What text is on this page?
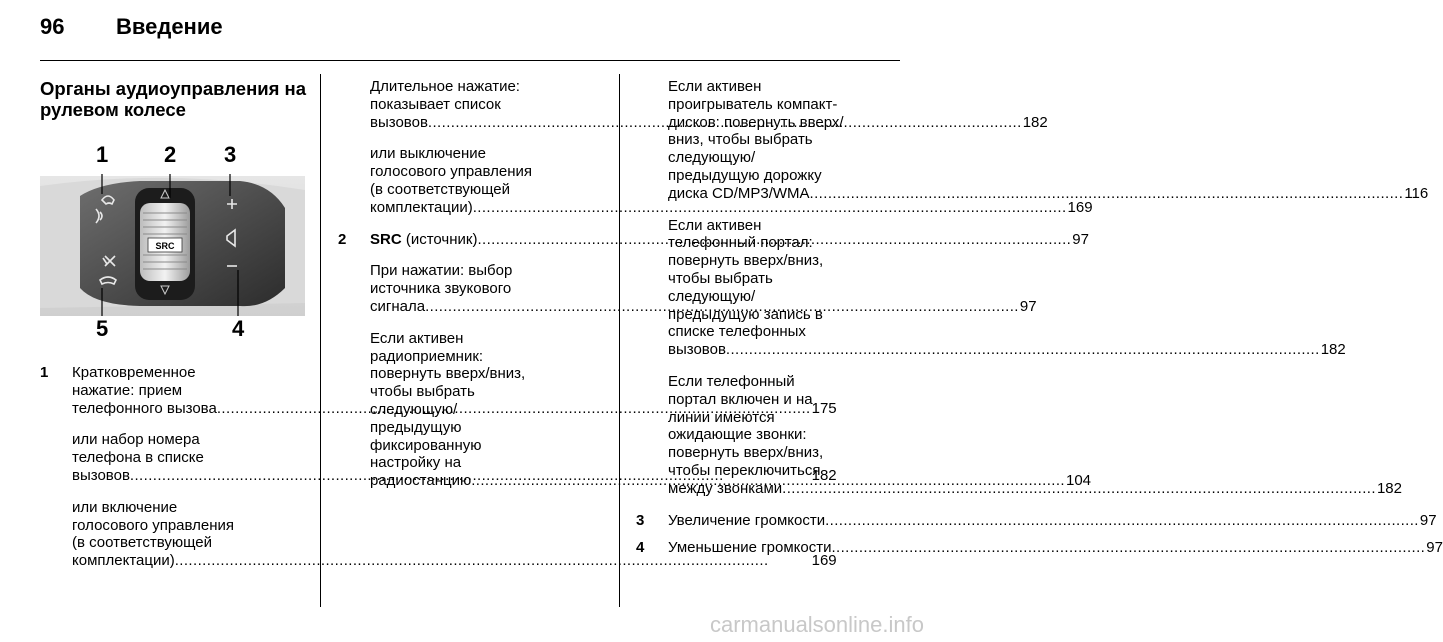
96 Введение
Органы аудиоуправления на
рулевом колесе
SRC
1	2 3
5	4
1	Кратковременное
нажатие: прием
телефонного вызова .....	175
или набор номера
телефона в списке
вызовов .....	182
или включение
голосового управления
(в соответствующей
комплектации) .....	169
Длительное нажатие:
показывает список
вызовов .....	182
или выключение
голосового управления
(в соответствующей
комплектации) .....	169
2	SRC (источник) .....	97
При нажатии: выбор
источника звукового
сигнала .....	97
Если активен
радиоприемник:
повернуть вверх/вниз,
чтобы выбрать
следующую/
предыдущую
фиксированную
настройку на
радиостанцию .....	104
Если активен
проигрыватель компакт-
дисков: повернуть вверх/
вниз, чтобы выбрать
следующую/
предыдущую дорожку
диска CD/MP3/WMA .....	116
Если активен
телефонный портал:
повернуть вверх/вниз,
чтобы выбрать
следующую/
предыдущую запись в
списке телефонных
вызовов .....	182
Если телефонный
портал включен и на
линии имеются
ожидающие звонки:
повернуть вверх/вниз,
чтобы переключиться
между звонками .....	182
3	Увеличение громкости .....	97
4	Уменьшение громкости .....	97
carmanualsonline.info
